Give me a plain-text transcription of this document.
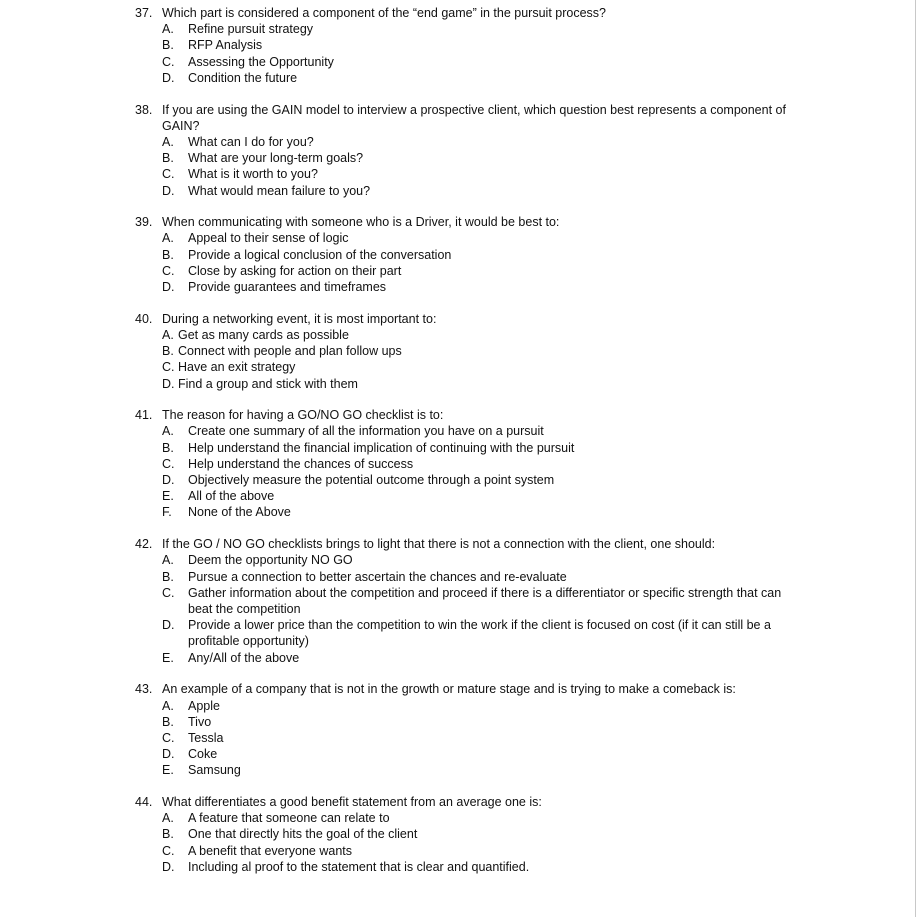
37. Which part is considered a component of the “end game” in the pursuit process?
A.	Refine pursuit strategy
B.	RFP Analysis
C.	Assessing the Opportunity
D.	Condition the future
38. If you are using the GAIN model to interview a prospective client, which question best represents a component of GAIN?
A.	What can I do for you?
B.	What are your long-term goals?
C.	What is it worth to you?
D.	What would mean failure to you?
39. When communicating with someone who is a Driver, it would be best to:
A.	Appeal to their sense of logic
B.	Provide a logical conclusion of the conversation
C.	Close by asking for action on their part
D.	Provide guarantees and timeframes
40. During a networking event, it is most important to:
A. Get as many cards as possible
B. Connect with people and plan follow ups
C. Have an exit strategy
D. Find a group and stick with them
41. The reason for having a GO/NO GO checklist is to:
A.	Create one summary of all the information you have on a pursuit
B.	Help understand the financial implication of continuing with the pursuit
C.	Help understand the chances of success
D.	Objectively measure the potential outcome through a point system
E.	All of the above
F.	None of the Above
42. If the GO / NO GO checklists brings to light that there is not a connection with the client, one should:
A.	Deem the opportunity NO GO
B.	Pursue a connection to better ascertain the chances and re-evaluate
C.	Gather information about the competition and proceed if there is a differentiator or specific strength that can beat the competition
D.	Provide a lower price than the competition to win the work if the client is focused on cost (if it can still be a profitable opportunity)
E.	Any/All of the above
43. An example of a company that is not in the growth or mature stage and is trying to make a comeback is:
A.	Apple
B.	Tivo
C.	Tessla
D.	Coke
E.	Samsung
44. What differentiates a good benefit statement from an average one is:
A.	A feature that someone can relate to
B.	One that directly hits the goal of the client
C.	A benefit that everyone wants
D.	Including al proof to the statement that is clear and quantified.
